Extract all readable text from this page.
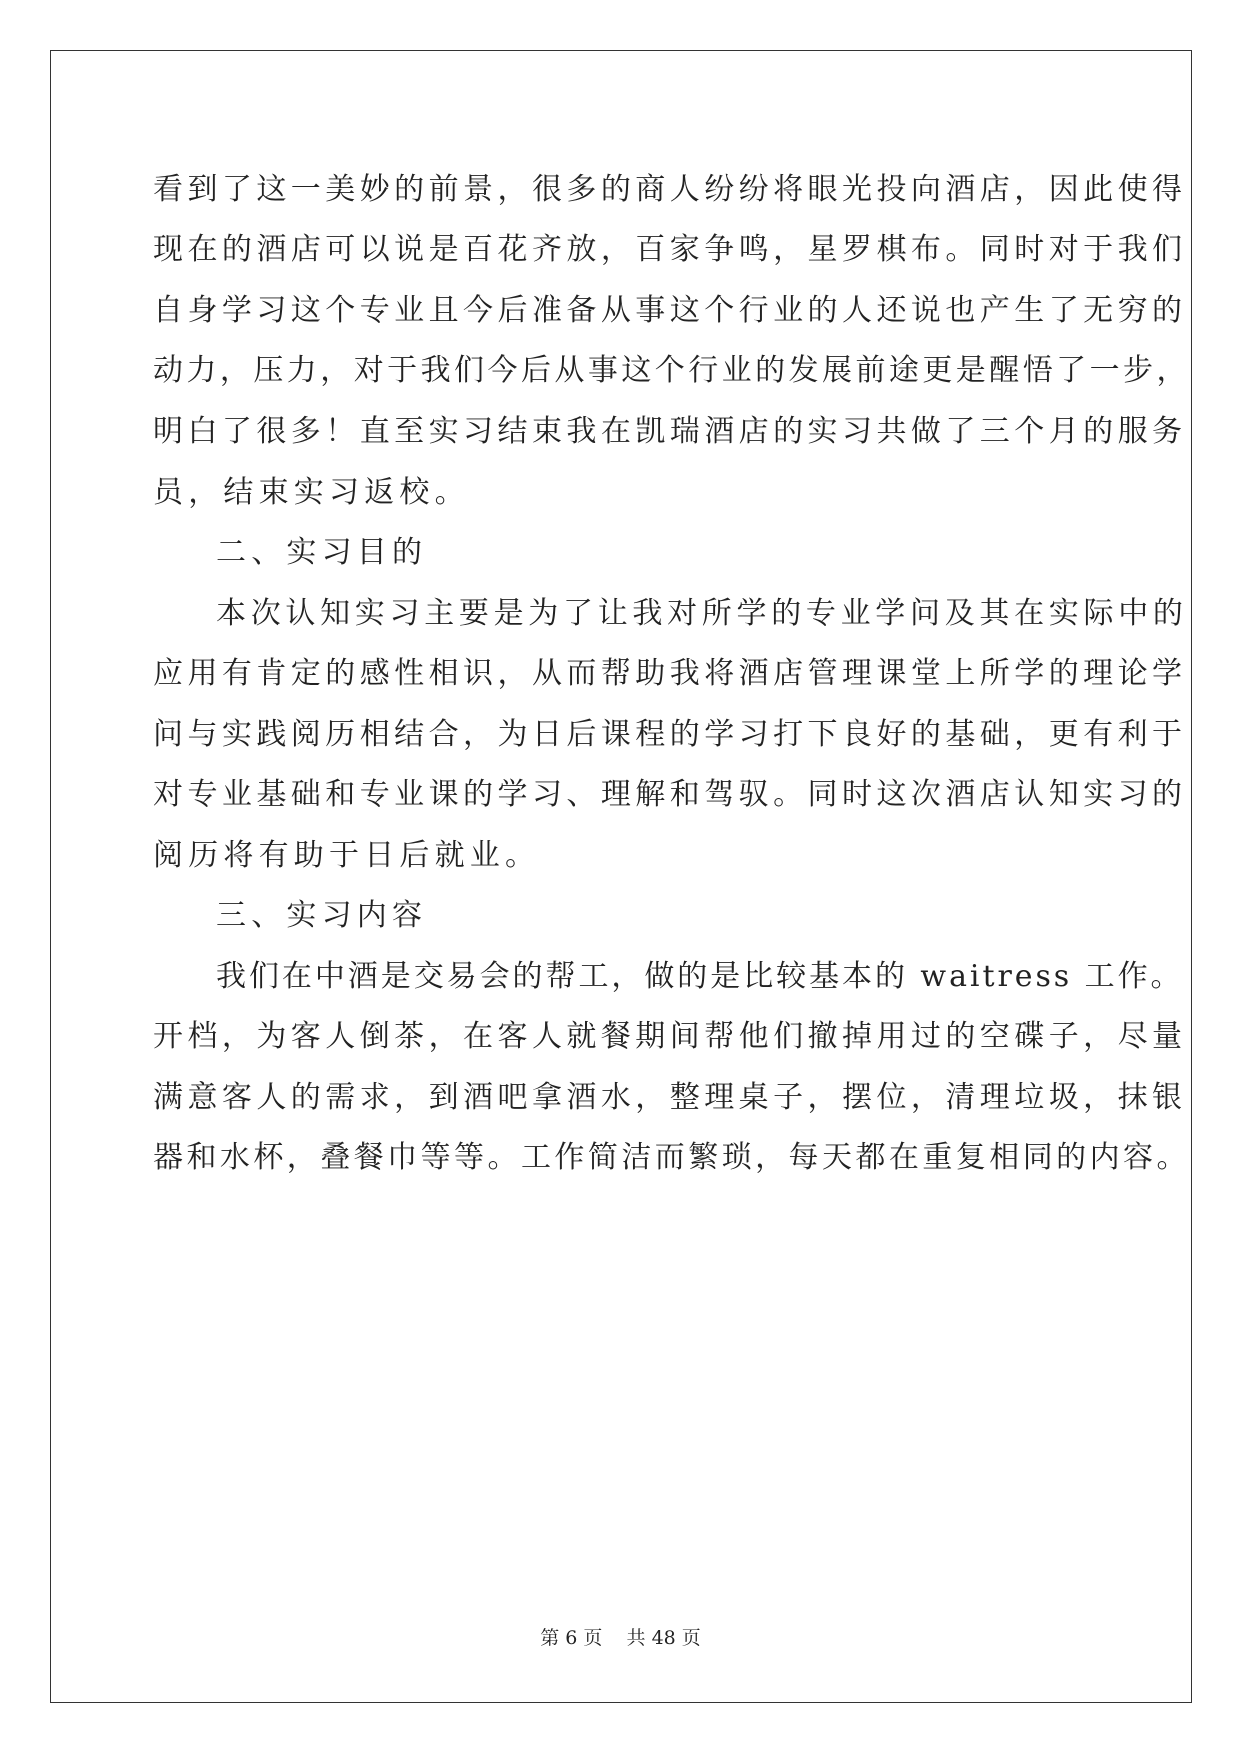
看到了这一美妙的前景，很多的商人纷纷将眼光投向酒店，因此使得

现在的酒店可以说是百花齐放，百家争鸣，星罗棋布。同时对于我们

自身学习这个专业且今后准备从事这个行业的人还说也产生了无穷的

动力，压力，对于我们今后从事这个行业的发展前途更是醒悟了一步，

明白了很多！直至实习结束我在凯瑞酒店的实习共做了三个月的服务

员，结束实习返校。

二、实习目的

本次认知实习主要是为了让我对所学的专业学问及其在实际中的

应用有肯定的感性相识，从而帮助我将酒店管理课堂上所学的理论学

问与实践阅历相结合，为日后课程的学习打下良好的基础，更有利于

对专业基础和专业课的学习、理解和驾驭。同时这次酒店认知实习的

阅历将有助于日后就业。

三、实习内容

我们在中酒是交易会的帮工，做的是比较基本的 waitress 工作。

开档，为客人倒茶，在客人就餐期间帮他们撤掉用过的空碟子，尽量

满意客人的需求，到酒吧拿酒水，整理桌子，摆位，清理垃圾，抹银

器和水杯，叠餐巾等等。工作简洁而繁琐，每天都在重复相同的内容。

第 6 页 共 48 页
